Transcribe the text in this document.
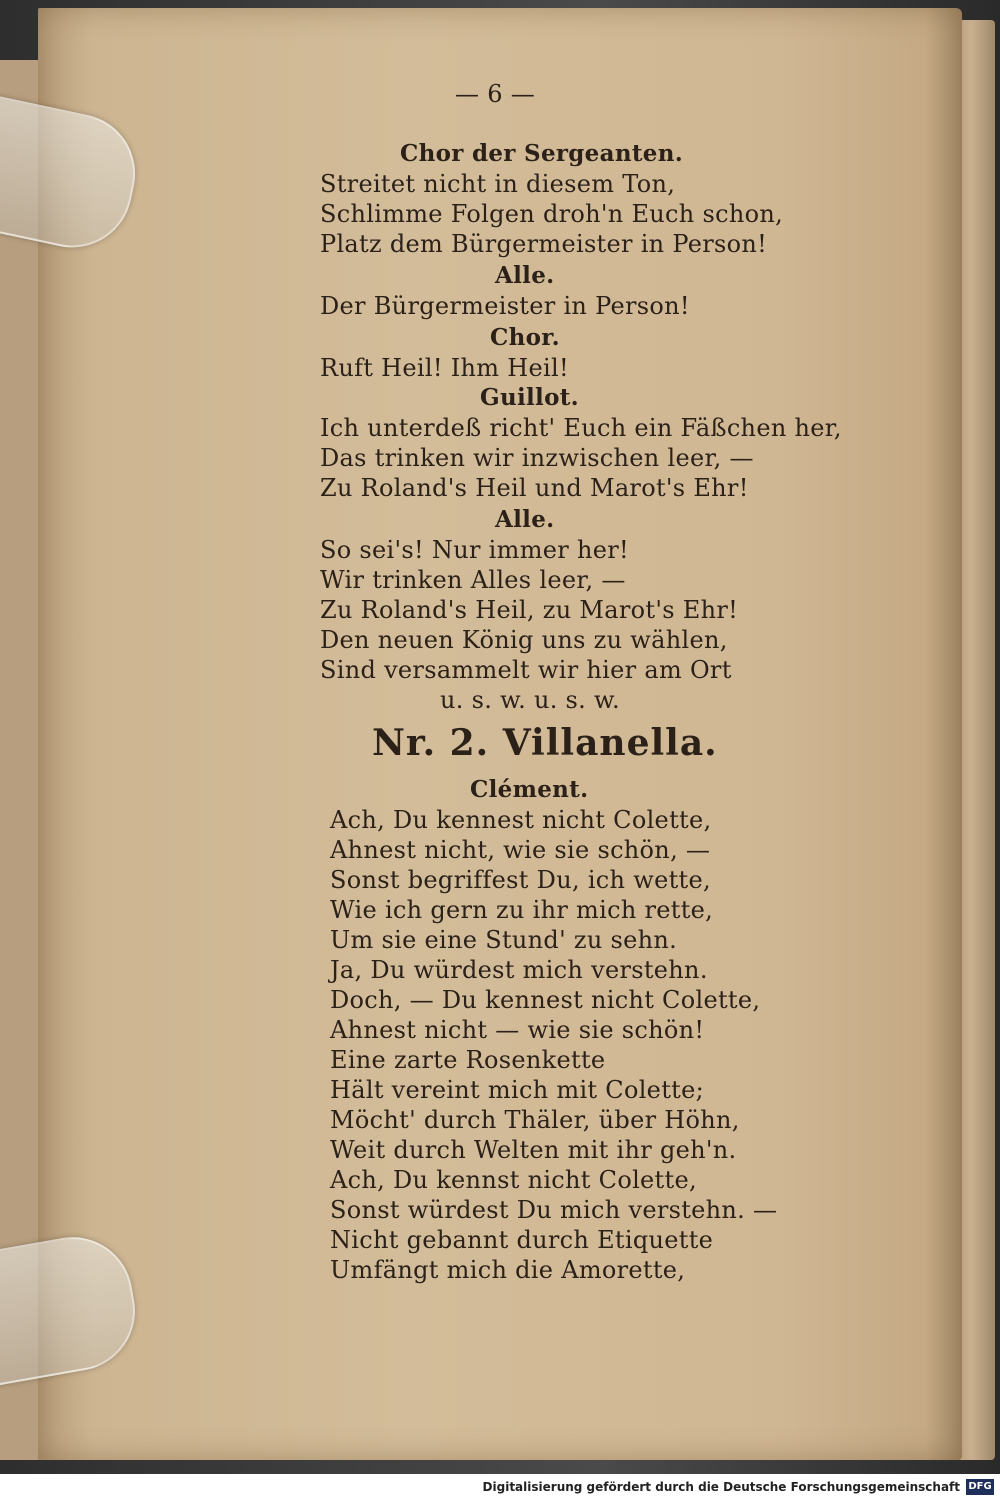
— 6 —
Chor der Sergeanten.
Streitet nicht in diesem Ton,
Schlimme Folgen droh'n Euch schon,
Platz dem Bürgermeister in Person!
Alle.
Der Bürgermeister in Person!
Chor.
Ruft Heil! Ihm Heil!
Guillot.
Ich unterdeß richt' Euch ein Fäßchen her,
Das trinken wir inzwischen leer, —
Zu Roland's Heil und Marot's Ehr!
Alle.
So sei's! Nur immer her!
Wir trinken Alles leer, —
Zu Roland's Heil, zu Marot's Ehr!
Den neuen König uns zu wählen,
Sind versammelt wir hier am Ort
u. s. w. u. s. w.
Nr. 2. Villanella.
Clément.
Ach, Du kennest nicht Colette,
Ahnest nicht, wie sie schön, —
Sonst begriffest Du, ich wette,
Wie ich gern zu ihr mich rette,
Um sie eine Stund' zu sehn.
Ja, Du würdest mich verstehn.
Doch, — Du kennest nicht Colette,
Ahnest nicht — wie sie schön!
Eine zarte Rosenkette
Hält vereint mich mit Colette;
Möcht' durch Thäler, über Höhn,
Weit durch Welten mit ihr geh'n.
Ach, Du kennst nicht Colette,
Sonst würdest Du mich verstehn. —
Nicht gebannt durch Etiquette
Umfängt mich die Amorette,
Digitalisierung gefördert durch die Deutsche Forschungsgemeinschaft DFG
